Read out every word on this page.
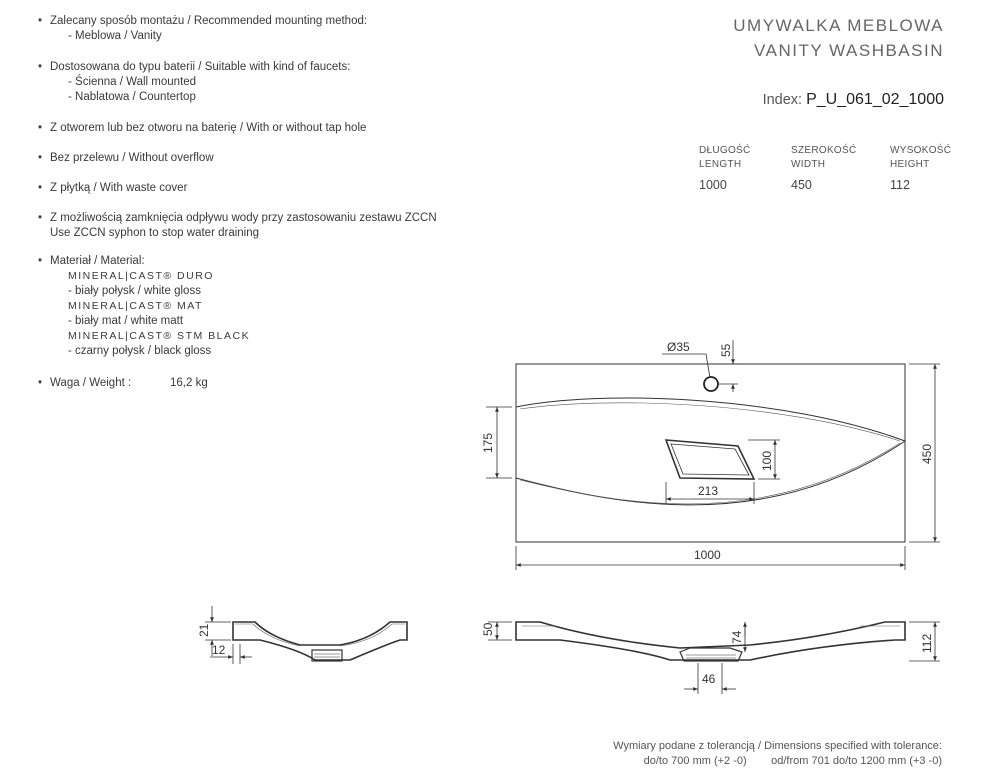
• Zalecany sposób montażu / Recommended mounting method:
- Meblowa / Vanity
• Dostosowana do typu baterii / Suitable with kind of faucets:
- Ścienna / Wall mounted
- Nablatowa / Countertop
• Z otworem lub bez otworu na baterię / With or without tap hole
• Bez przelewu / Without overflow
• Z płytką / With waste cover
• Z możliwością zamknięcia odpływu wody przy zastosowaniu zestawu ZCCN
Use ZCCN syphon to stop water draining
• Materiał / Material:
MINERAL|CAST® DURO
- biały połysk / white gloss
MINERAL|CAST® MAT
- biały mat / white matt
MINERAL|CAST® STM BLACK
- czarny połysk / black gloss
• Waga / Weight :	16,2 kg
UMYWALKA MEBLOWA
VANITY WASHBASIN
Index: P_U_061_02_1000
DŁUGOŚĆ
LENGTH
SZEROKOŚĆ
WIDTH
WYSOKOŚĆ
HEIGHT
1000	450	112
Ø35 55
175
100
213
450
1000
21
12
50
74	112
46
Wymiary podane z tolerancją / Dimensions specified with tolerance:
do/to 700 mm (+2 -0)        od/from 701 do/to 1200 mm (+3 -0)
